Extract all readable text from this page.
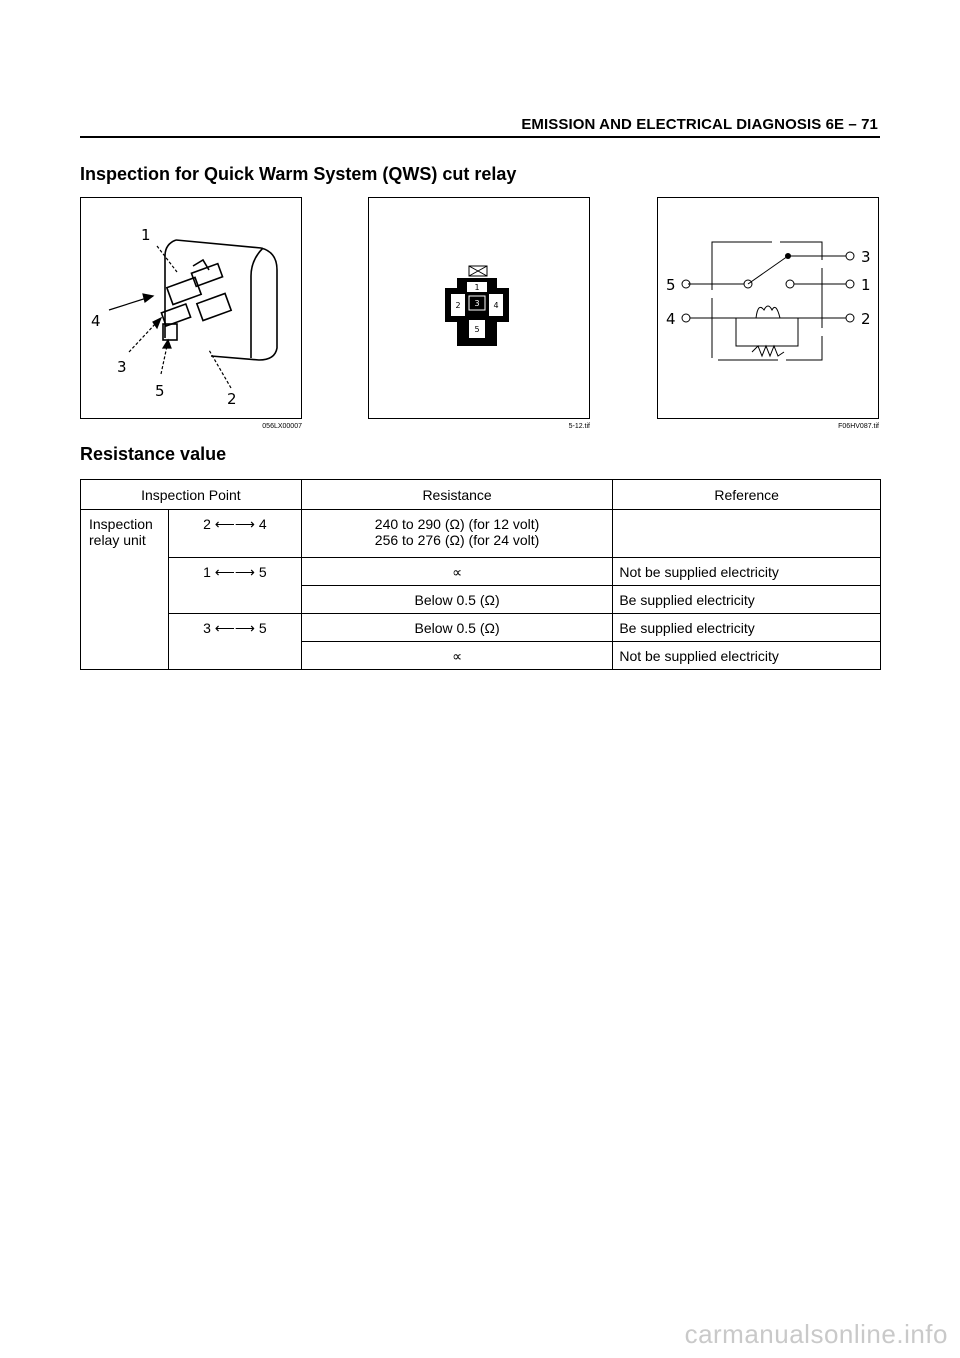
EMISSION AND ELECTRICAL DIAGNOSIS 6E – 71
Inspection for Quick Warm System (QWS) cut relay
1
4
3
5	2
056LX00007
1
2 3 4
5
5-12.tif
3
5	1
4	2
F06HV087.tif
Resistance value
Inspection Point		Resistance	Reference
Inspection relay unit	2 ⟵⟶ 4	240 to 290 (Ω) (for 12 volt)
256 to 276 (Ω) (for 24 volt)	

	1 ⟵⟶ 5	∝	Not be supplied electricity
		Below 0.5 (Ω)	Be supplied electricity
	3 ⟵⟶ 5	Below 0.5 (Ω)	Be supplied electricity
		∝	Not be supplied electricity
carmanualsonline.info
